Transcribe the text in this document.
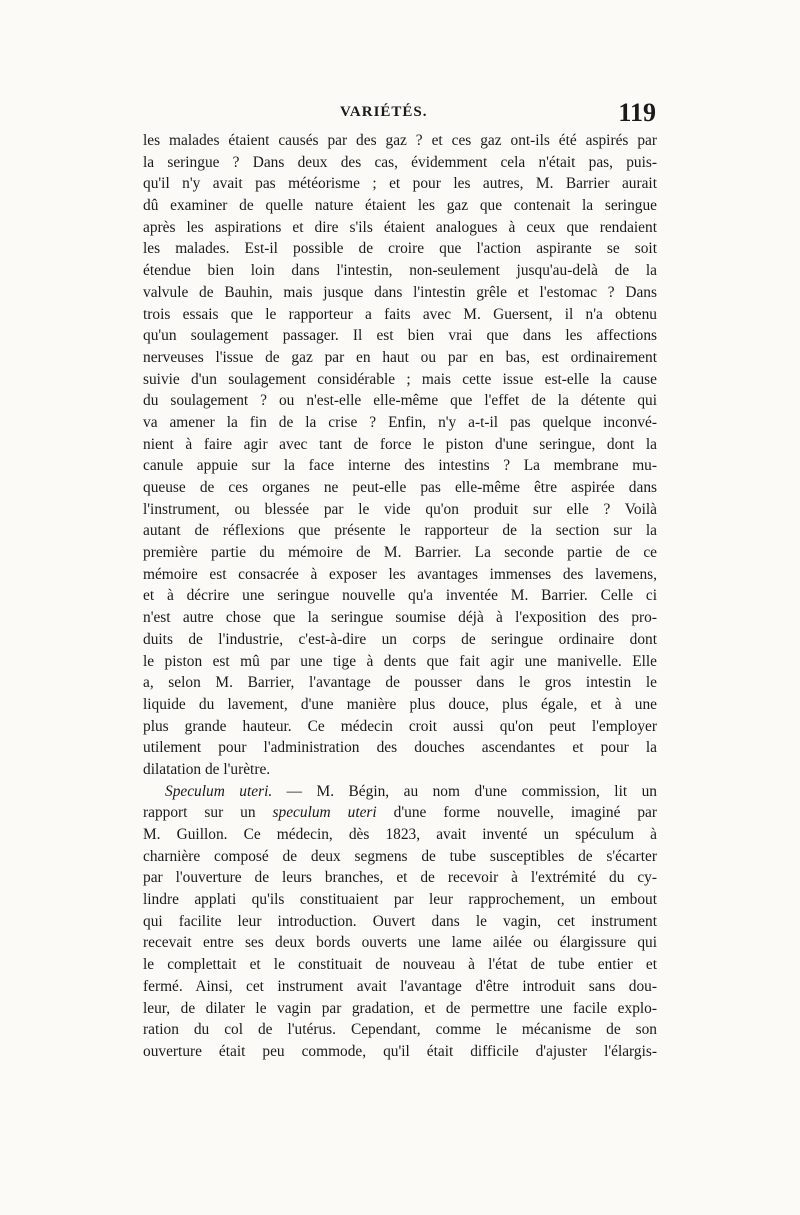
VARIÉTÉS.	119
les malades étaient causés par des gaz ? et ces gaz ont-ils été aspirés par
la seringue ? Dans deux des cas, évidemment cela n'était pas, puis-
qu'il n'y avait pas météorisme ; et pour les autres, M. Barrier aurait
dû examiner de quelle nature étaient les gaz que contenait la seringue
après les aspirations et dire s'ils étaient analogues à ceux que rendaient
les malades. Est-il possible de croire que l'action aspirante se soit
étendue bien loin dans l'intestin, non-seulement jusqu'au-delà de la
valvule de Bauhin, mais jusque dans l'intestin grêle et l'estomac ? Dans
trois essais que le rapporteur a faits avec M. Guersent, il n'a obtenu
qu'un soulagement passager. Il est bien vrai que dans les affections
nerveuses l'issue de gaz par en haut ou par en bas, est ordinairement
suivie d'un soulagement considérable ; mais cette issue est-elle la cause
du soulagement ? ou n'est-elle elle-même que l'effet de la détente qui
va amener la fin de la crise ? Enfin, n'y a-t-il pas quelque inconvé-
nient à faire agir avec tant de force le piston d'une seringue, dont la
canule appuie sur la face interne des intestins ? La membrane mu-
queuse de ces organes ne peut-elle pas elle-même être aspirée dans
l'instrument, ou blessée par le vide qu'on produit sur elle ? Voilà
autant de réflexions que présente le rapporteur de la section sur la
première partie du mémoire de M. Barrier. La seconde partie de ce
mémoire est consacrée à exposer les avantages immenses des lavemens,
et à décrire une seringue nouvelle qu'a inventée M. Barrier. Celle ci
n'est autre chose que la seringue soumise déjà à l'exposition des pro-
duits de l'industrie, c'est-à-dire un corps de seringue ordinaire dont
le piston est mû par une tige à dents que fait agir une manivelle. Elle
a, selon M. Barrier, l'avantage de pousser dans le gros intestin le
liquide du lavement, d'une manière plus douce, plus égale, et à une
plus grande hauteur. Ce médecin croit aussi qu'on peut l'employer
utilement pour l'administration des douches ascendantes et pour la
dilatation de l'urètre.
Speculum uteri. — M. Bégin, au nom d'une commission, lit un
rapport sur un speculum uteri d'une forme nouvelle, imaginé par
M. Guillon. Ce médecin, dès 1823, avait inventé un spéculum à
charnière composé de deux segmens de tube susceptibles de s'écarter
par l'ouverture de leurs branches, et de recevoir à l'extrémité du cy-
lindre applati qu'ils constituaient par leur rapprochement, un embout
qui facilite leur introduction. Ouvert dans le vagin, cet instrument
recevait entre ses deux bords ouverts une lame ailée ou élargissure qui
le complettait et le constituait de nouveau à l'état de tube entier et
fermé. Ainsi, cet instrument avait l'avantage d'être introduit sans dou-
leur, de dilater le vagin par gradation, et de permettre une facile explo-
ration du col de l'utérus. Cependant, comme le mécanisme de son
ouverture était peu commode, qu'il était difficile d'ajuster l'élargis-
